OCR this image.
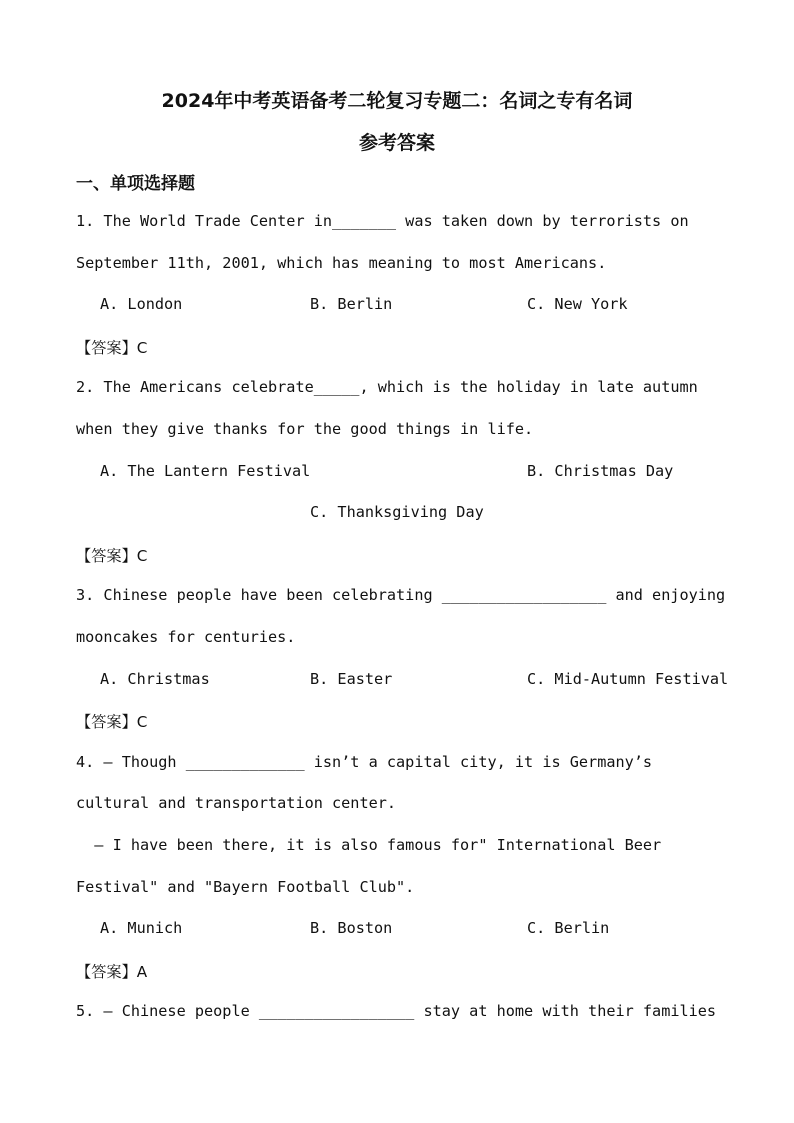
2024年中考英语备考二轮复习专题二：名词之专有名词
参考答案
一、单项选择题
1. The World Trade Center in_______ was taken down by terrorists on
September 11th, 2001, which has meaning to most Americans.
A. London	B. Berlin	C. New York
【答案】C
2. The Americans celebrate_____, which is the holiday in late autumn
when they give thanks for the good things in life.
A. The Lantern Festival	B. Christmas Day
C. Thanksgiving Day
【答案】C
3. Chinese people have been celebrating __________________ and enjoying
mooncakes for centuries.
A. Christmas	B. Easter	C. Mid-Autumn Festival
【答案】C
4. — Though _____________ isn’t a capital city, it is Germany’s
cultural and transportation center.
— I have been there, it is also famous for" International Beer
Festival" and "Bayern Football Club".
A. Munich	B. Boston	C. Berlin
【答案】A
5. — Chinese people _________________ stay at home with their families
